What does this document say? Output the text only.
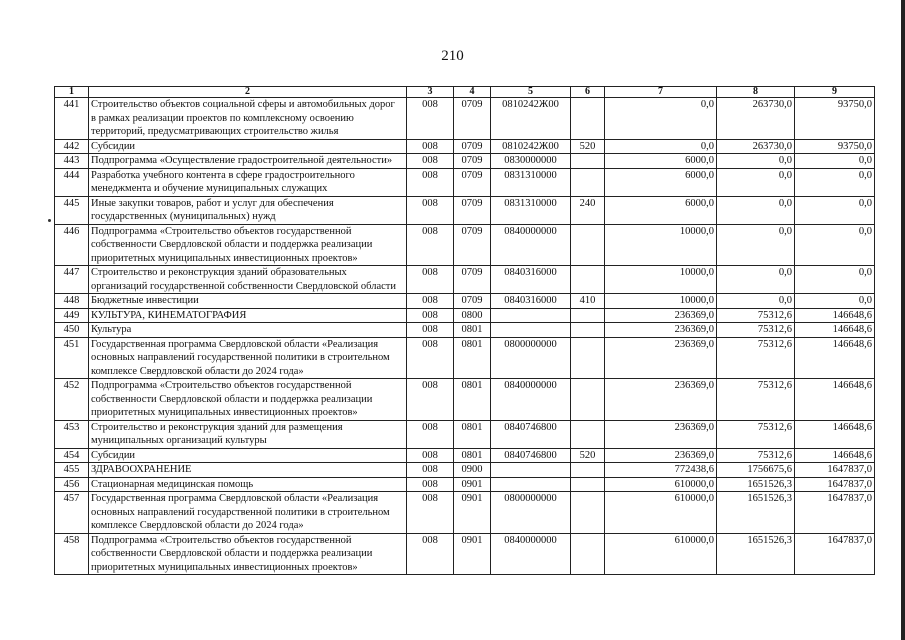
210
1	2	3	4	5	6	7	8	9
441	Строительство объектов социальной сферы и автомобильных дорог
в рамках реализации проектов по комплексному освоению
территорий, предусматривающих строительство жилья	008	0709	0810242Ж00		0,0	263730,0	93750,0
442	Субсидии	008	0709	0810242Ж00	520	0,0	263730,0	93750,0
443	Подпрограмма «Осуществление градостроительной деятельности»	008	0709	0830000000		6000,0	0,0	0,0
444	Разработка учебного контента в сфере градостроительного
менеджмента и обучение муниципальных служащих	008	0709	0831310000		6000,0	0,0	0,0
445	Иные закупки товаров, работ и услуг для обеспечения
государственных (муниципальных) нужд	008	0709	0831310000	240	6000,0	0,0	0,0
446	Подпрограмма «Строительство объектов государственной
собственности Свердловской области и поддержка реализации
приоритетных муниципальных инвестиционных проектов»	008	0709	0840000000		10000,0	0,0	0,0
447	Строительство и реконструкция зданий образовательных
организаций государственной собственности Свердловской области	008	0709	0840316000		10000,0	0,0	0,0
448	Бюджетные инвестиции	008	0709	0840316000	410	10000,0	0,0	0,0
449	КУЛЬТУРА, КИНЕМАТОГРАФИЯ	008	0800			236369,0	75312,6	146648,6
450	Культура	008	0801			236369,0	75312,6	146648,6
451	Государственная программа Свердловской области «Реализация
основных направлений государственной политики в строительном
комплексе Свердловской области до 2024 года»	008	0801	0800000000		236369,0	75312,6	146648,6
452	Подпрограмма «Строительство объектов государственной
собственности Свердловской области и поддержка реализации
приоритетных муниципальных инвестиционных проектов»	008	0801	0840000000		236369,0	75312,6	146648,6
453	Строительство и реконструкция зданий для размещения
муниципальных организаций культуры	008	0801	0840746800		236369,0	75312,6	146648,6
454	Субсидии	008	0801	0840746800	520	236369,0	75312,6	146648,6
455	ЗДРАВООХРАНЕНИЕ	008	0900			772438,6	1756675,6	1647837,0
456	Стационарная медицинская помощь	008	0901			610000,0	1651526,3	1647837,0
457	Государственная программа Свердловской области «Реализация
основных направлений государственной политики в строительном
комплексе Свердловской области до 2024 года»	008	0901	0800000000		610000,0	1651526,3	1647837,0
458	Подпрограмма «Строительство объектов государственной
собственности Свердловской области и поддержка реализации
приоритетных муниципальных инвестиционных проектов»	008	0901	0840000000		610000,0	1651526,3	1647837,0
